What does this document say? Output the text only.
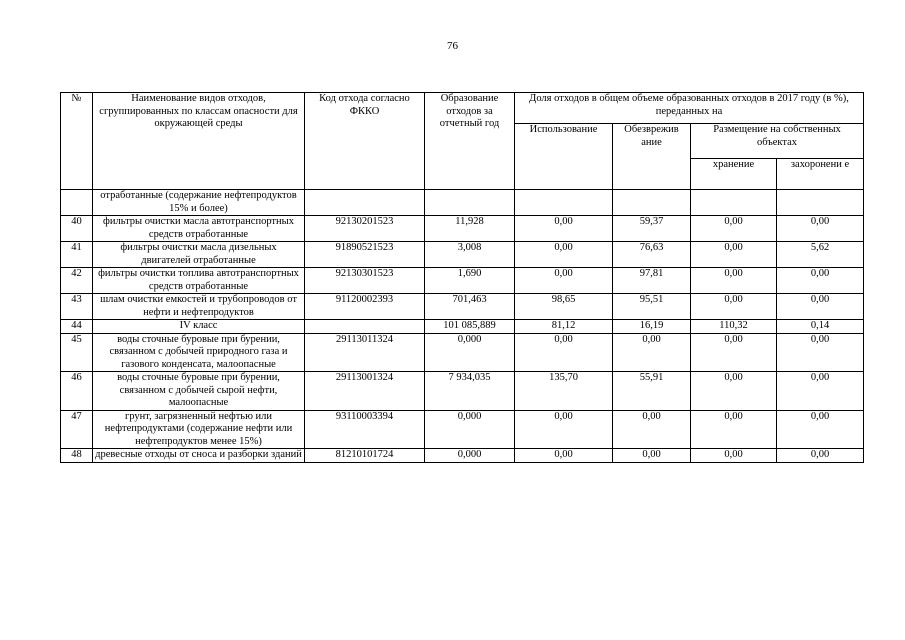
76
№	Наименование видов отходов, сгруппированных по классам опасности для окружающей среды	Код отхода согласно ФККО	Образование отходов за отчетный год	Доля отходов в общем объеме образованных отходов в 2017 году (в %), переданных на			
				Использование	Обезврежив ание	Размещение на собственных объектах	
						хранение	захоронени е
	отработанные (содержание нефтепродуктов 15% и более)						
40	фильтры очистки масла автотранспортных средств отработанные	92130201523	11,928	0,00	59,37	0,00	0,00
41	фильтры очистки масла дизельных двигателей отработанные	91890521523	3,008	0,00	76,63	0,00	5,62
42	фильтры очистки топлива автотранспортных средств отработанные	92130301523	1,690	0,00	97,81	0,00	0,00
43	шлам очистки емкостей и трубопроводов от нефти и нефтепродуктов	91120002393	701,463	98,65	95,51	0,00	0,00
44	IV класс		101 085,889	81,12	16,19	110,32	0,14
45	воды сточные буровые при бурении, связанном с добычей природного газа и газового конденсата, малоопасные	29113011324	0,000	0,00	0,00	0,00	0,00
46	воды сточные буровые при бурении, связанном с добычей сырой нефти, малоопасные	29113001324	7 934,035	135,70	55,91	0,00	0,00
47	грунт, загрязненный нефтью или нефтепродуктами (содержание нефти или нефтепродуктов менее 15%)	93110003394	0,000	0,00	0,00	0,00	0,00
48	древесные отходы от сноса и разборки зданий	81210101724	0,000	0,00	0,00	0,00	0,00
